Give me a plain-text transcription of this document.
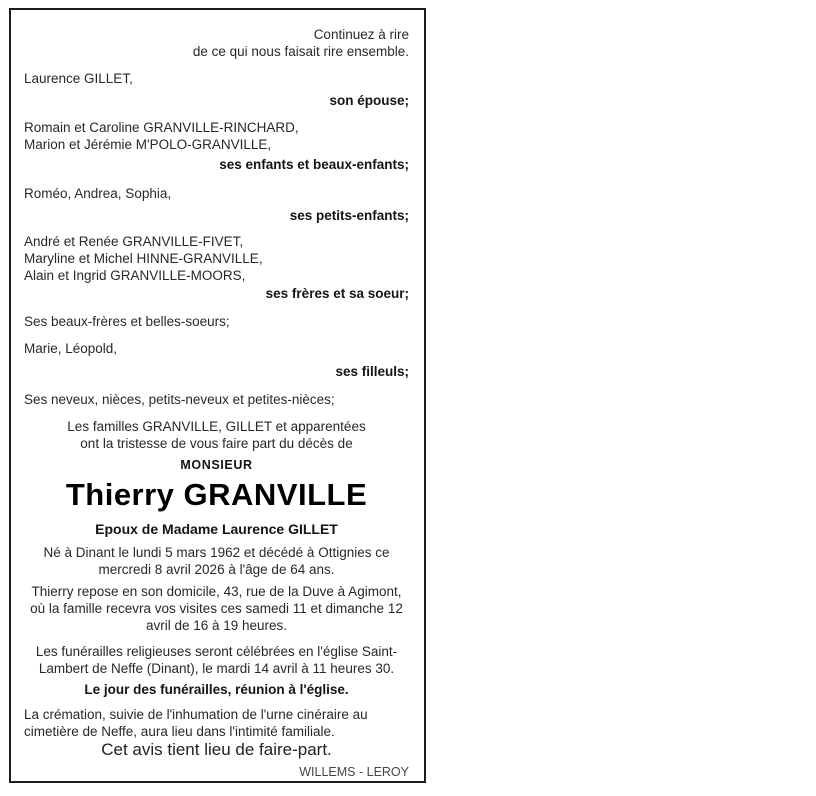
Continuez à rire
de ce qui nous faisait rire ensemble.
Laurence GILLET,
son épouse;
Romain et Caroline GRANVILLE-RINCHARD,
Marion et Jérémie M'POLO-GRANVILLE,
ses enfants et beaux-enfants;
Roméo, Andrea, Sophia,
ses petits-enfants;
André et Renée GRANVILLE-FIVET,
Maryline et Michel HINNE-GRANVILLE,
Alain et Ingrid GRANVILLE-MOORS,
ses frères et sa soeur;
Ses beaux-frères et belles-soeurs;
Marie, Léopold,
ses filleuls;
Ses neveux, nièces, petits-neveux et petites-nièces;
Les familles GRANVILLE, GILLET et apparentées
ont la tristesse de vous faire part du décès de
MONSIEUR
Thierry GRANVILLE
Epoux de Madame Laurence GILLET
Né à Dinant le lundi 5 mars 1962 et décédé à Ottignies ce
mercredi 8 avril 2026 à l'âge de 64 ans.
Thierry repose en son domicile, 43, rue de la Duve à Agimont,
où la famille recevra vos visites ces samedi 11 et dimanche 12
avril de 16 à 19 heures.
Les funérailles religieuses seront célébrées en l'église Saint-
Lambert de Neffe (Dinant), le mardi 14 avril à 11 heures 30.
Le jour des funérailles, réunion à l'église.
La crémation, suivie de l'inhumation de l'urne cinéraire au
cimetière de Neffe, aura lieu dans l'intimité familiale.
Cet avis tient lieu de faire-part.
WILLEMS - LEROY
